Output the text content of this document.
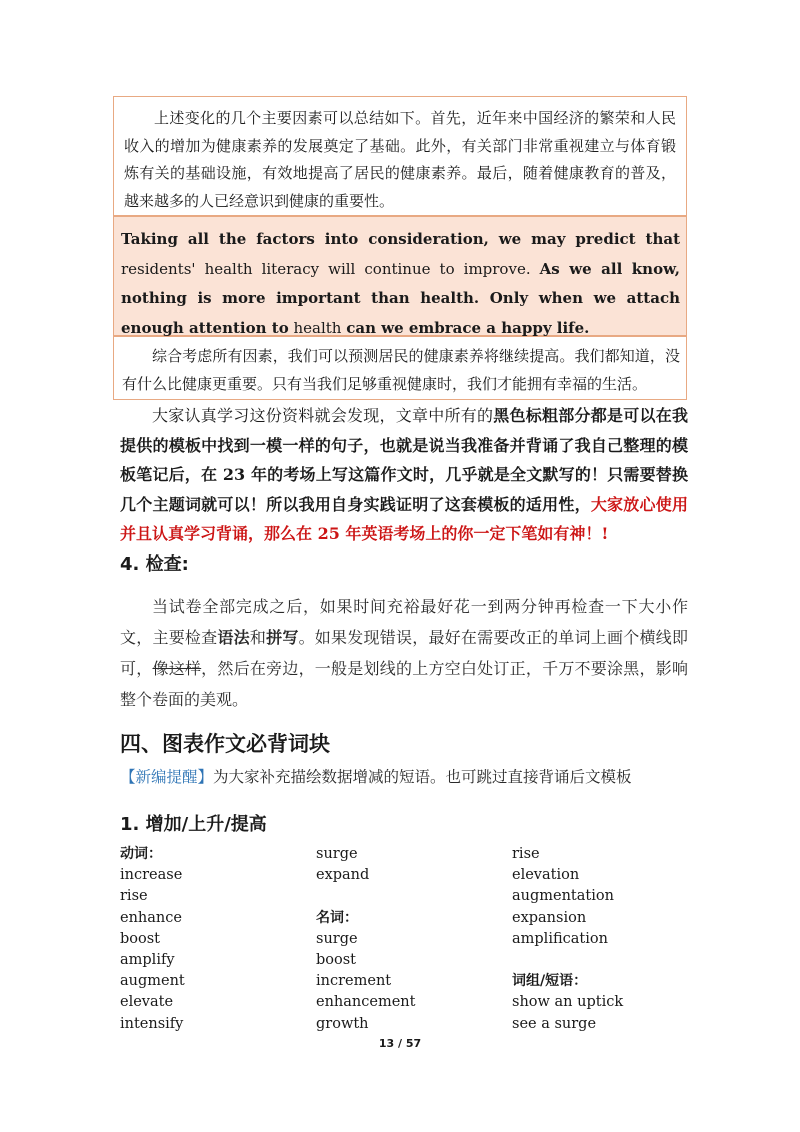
上述变化的几个主要因素可以总结如下。首先，近年来中国经济的繁荣和人民收入的增加为健康素养的发展奠定了基础。此外，有关部门非常重视建立与体育锻炼有关的基础设施，有效地提高了居民的健康素养。最后，随着健康教育的普及，越来越多的人已经意识到健康的重要性。
Taking all the factors into consideration, we may predict that residents' health literacy will continue to improve. As we all know, nothing is more important than health. Only when we attach enough attention to health can we embrace a happy life.
综合考虑所有因素，我们可以预测居民的健康素养将继续提高。我们都知道，没有什么比健康更重要。只有当我们足够重视健康时，我们才能拥有幸福的生活。
大家认真学习这份资料就会发现，文章中所有的黑色标粗部分都是可以在我提供的模板中找到一模一样的句子，也就是说当我准备并背诵了我自己整理的模板笔记后，在 23 年的考场上写这篇作文时，几乎就是全文默写的！只需要替换几个主题词就可以！所以我用自身实践证明了这套模板的适用性，大家放心使用并且认真学习背诵，那么在 25 年英语考场上的你一定下笔如有神！!
4. 检查:
当试卷全部完成之后，如果时间充裕最好花一到两分钟再检查一下大小作文，主要检查语法和拼写。如果发现错误，最好在需要改正的单词上画个横线即可，像这样，然后在旁边，一般是划线的上方空白处订正，千万不要涂黑，影响整个卷面的美观。
四、图表作文必背词块
【新编提醒】为大家补充描绘数据增减的短语。也可跳过直接背诵后文模板
1. 增加/上升/提高
动词：
increase
rise
enhance
boost
amplify
augment
elevate
intensify
surge
expand
名词：
surge
boost
increment
enhancement
growth
rise
elevation
augmentation
expansion
amplification
词组/短语：
show an uptick
see a surge
13 / 57
